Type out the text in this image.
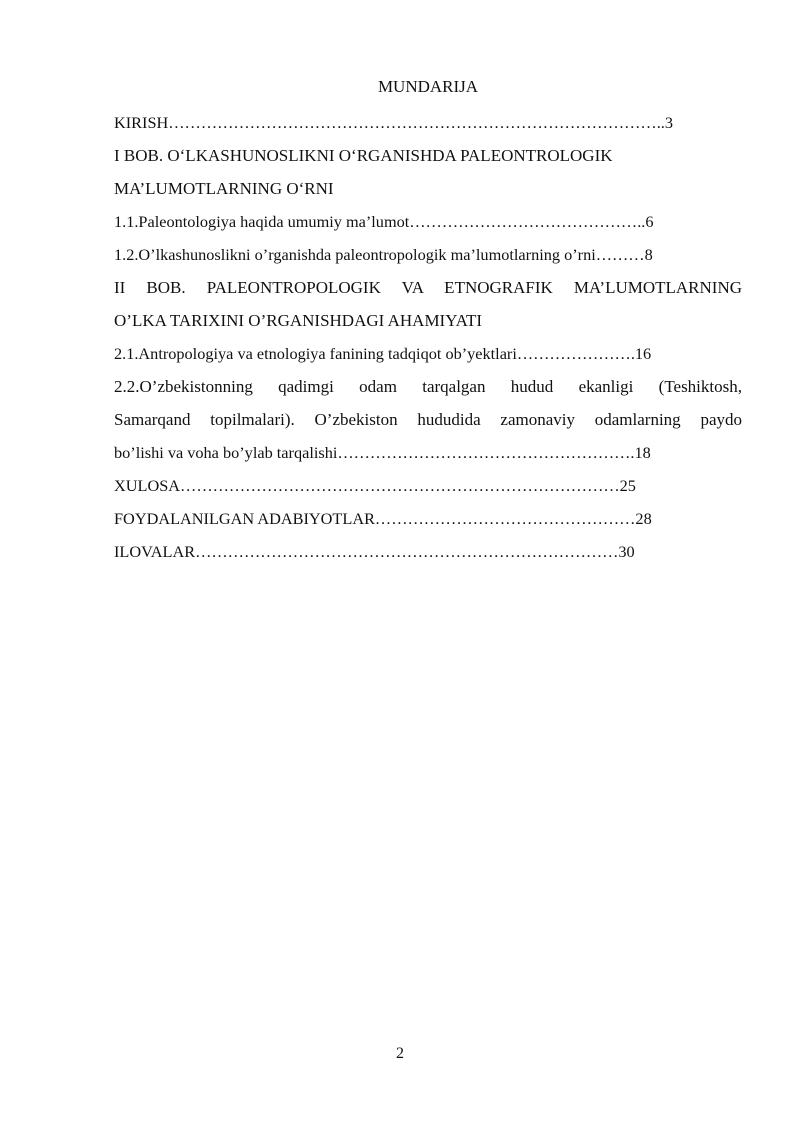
MUNDARIJA
KIRISH………………………………………………………………………………..3
I BOB. O‘LKASHUNOSLIKNI O‘RGANISHDA PALEONTROLOGIK
MA’LUMOTLARNING O‘RNI
1.1.Paleontologiya haqida umumiy ma’lumot……………………………………..6
1.2.O’lkashunoslikni o’rganishda paleontropologik ma’lumotlarning o’rni………8
II BOB. PALEONTROPOLOGIK VA ETNOGRAFIK MA’LUMOTLARNING
O’LKA TARIXINI O’RGANISHDAGI AHAMIYATI
2.1.Antropologiya va etnologiya fanining tadqiqot ob’yektlari………………….16
2.2.O’zbekistonning qadimgi odam tarqalgan hudud ekanligi (Teshiktosh,
Samarqand topilmalari). O’zbekiston hududida zamonaviy odamlarning paydo
bo’lishi va voha bo’ylab tarqalishi……………………………………………….18
XULOSA………………………………………………………………………25
FOYDALANILGAN ADABIYOTLAR…………………………………………28
ILOVALAR……………………………………………………………………30
2
